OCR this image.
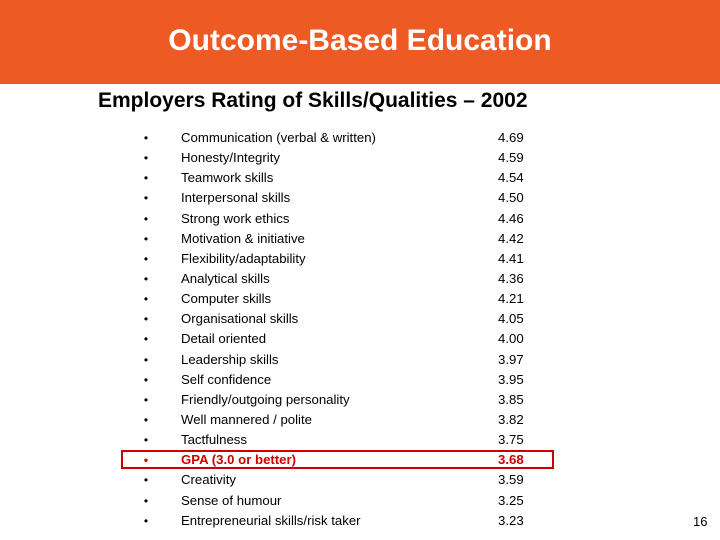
Outcome-Based Education
Employers Rating of Skills/Qualities – 2002
• Communication (verbal & written)	4.69
• Honesty/Integrity	4.59
• Teamwork skills	4.54
• Interpersonal skills	4.50
• Strong work ethics	4.46
• Motivation & initiative	4.42
• Flexibility/adaptability	4.41
• Analytical skills	4.36
• Computer skills	4.21
• Organisational skills	4.05
• Detail oriented	4.00
• Leadership skills	3.97
• Self confidence	3.95
• Friendly/outgoing personality	3.85
• Well mannered / polite	3.82
• Tactfulness	3.75
• GPA (3.0 or better)	3.68
• Creativity	3.59
• Sense of humour	3.25
• Entrepreneurial skills/risk taker	3.23	16
